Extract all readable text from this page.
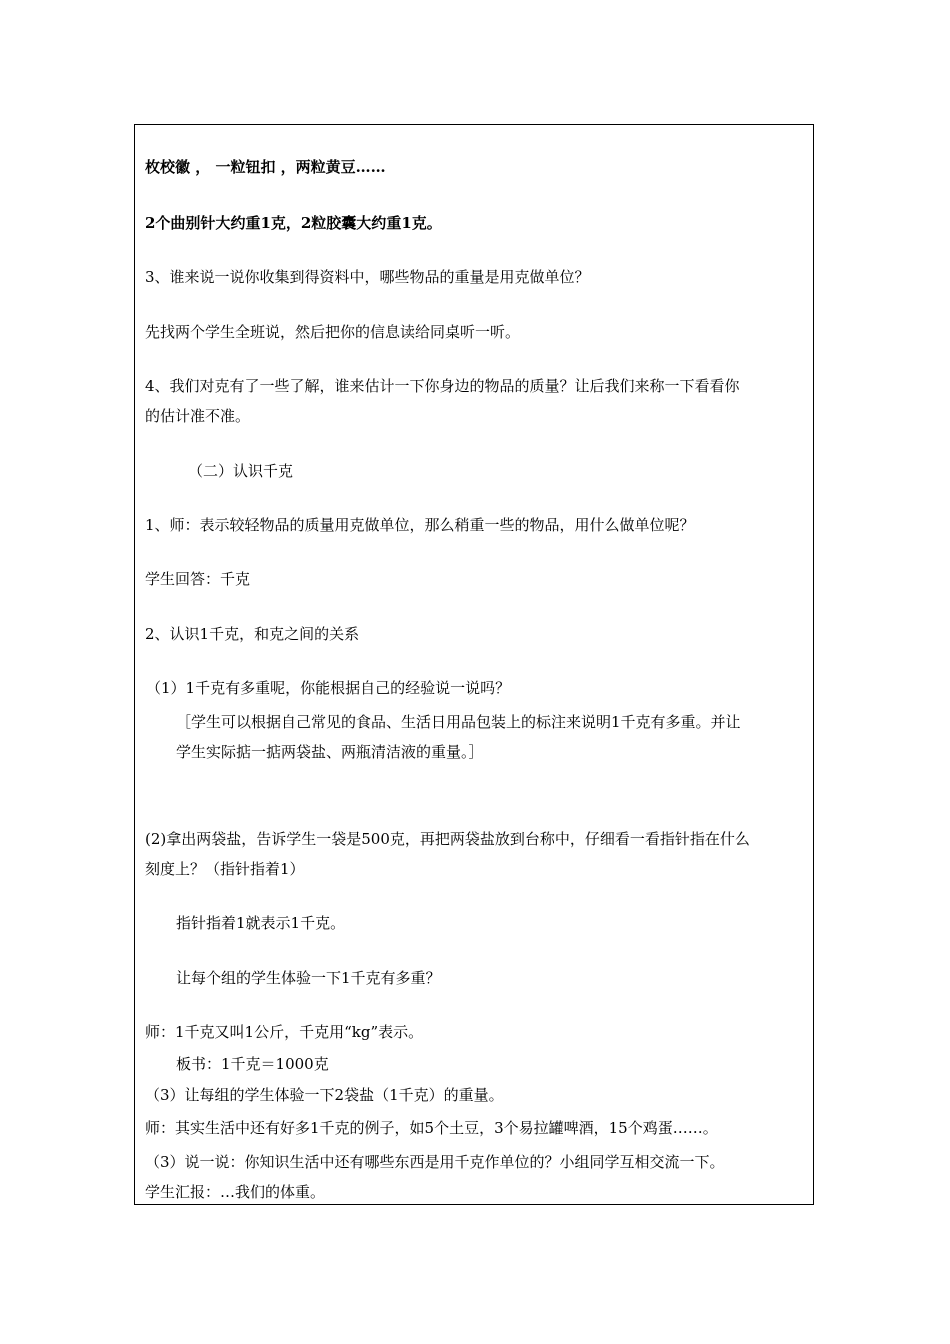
枚校徽 ， 一粒钮扣 ，两粒黄豆……
2个曲别针大约重1克，2粒胶囊大约重1克。
3、谁来说一说你收集到得资料中，哪些物品的重量是用克做单位？
先找两个学生全班说，然后把你的信息读给同桌听一听。
4、我们对克有了一些了解，谁来估计一下你身边的物品的质量？让后我们来称一下看看你
的估计准不准。
（二）认识千克
1、师：表示较轻物品的质量用克做单位，那么稍重一些的物品，用什么做单位呢？
学生回答：千克
2、认识1千克，和克之间的关系
（1）1千克有多重呢，你能根据自己的经验说一说吗？
［学生可以根据自己常见的食品、生活日用品包装上的标注来说明1千克有多重。并让
学生实际掂一掂两袋盐、两瓶清洁液的重量。］
(2)拿出两袋盐，告诉学生一袋是500克，再把两袋盐放到台称中，仔细看一看指针指在什么
刻度上？（指针指着1）
指针指着1就表示1千克。
让每个组的学生体验一下1千克有多重？
师：1千克又叫1公斤，千克用“kg”表示。
板书：1千克＝1000克
（3）让每组的学生体验一下2袋盐（1千克）的重量。
师：其实生活中还有好多1千克的例子，如5个土豆，3个易拉罐啤酒，15个鸡蛋……。
（3）说一说：你知识生活中还有哪些东西是用千克作单位的？小组同学互相交流一下。
学生汇报：…我们的体重。
